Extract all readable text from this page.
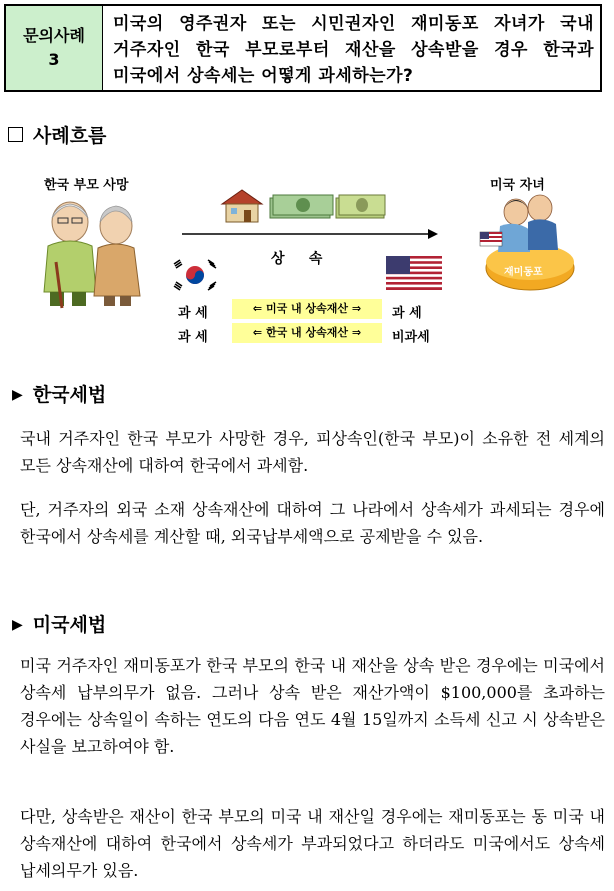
문의사례
3
미국의 영주권자 또는 시민권자인 재미동포 자녀가 국내 거주자인 한국 부모로부터 재산을 상속받을 경우 한국과 미국에서 상속세는 어떻게 과세하는가?
사례흐름
한국 부모 사망	미국 자녀
재미동포
상     속
과 세	⇐ 미국 내 상속재산 ⇒	과 세
과 세	⇐ 한국 내 상속재산 ⇒	비과세
▶ 한국세법
국내 거주자인 한국 부모가 사망한 경우, 피상속인(한국 부모)이 소유한 전 세계의 모든 상속재산에 대하여 한국에서 과세함.
단, 거주자의 외국 소재 상속재산에 대하여 그 나라에서 상속세가 과세되는 경우에 한국에서 상속세를 계산할 때, 외국납부세액으로 공제받을 수 있음.
▶ 미국세법
미국 거주자인 재미동포가 한국 부모의 한국 내 재산을 상속 받은 경우에는 미국에서 상속세 납부의무가 없음. 그러나 상속 받은 재산가액이 $100,000를 초과하는 경우에는 상속일이 속하는 연도의 다음 연도 4월 15일까지 소득세 신고 시 상속받은 사실을 보고하여야 함.
다만, 상속받은 재산이 한국 부모의 미국 내 재산일 경우에는 재미동포는 동 미국 내 상속재산에 대하여 한국에서 상속세가 부과되었다고 하더라도 미국에서도 상속세 납세의무가 있음.
